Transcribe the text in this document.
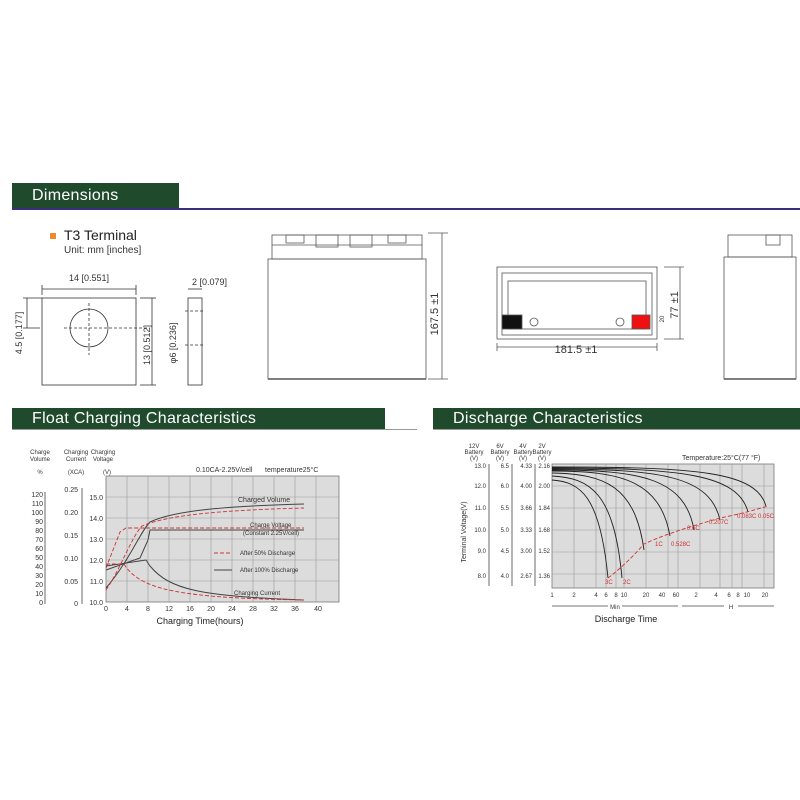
Dimensions
T3 Terminal
Unit: mm [inches]
14 [0.551]
4.5 [0.177]	13 [0.512]
2 [0.079]
φ6 [0.236]
167.5 ±1
181.5 ±1
77 ±1
20
Float Charging Characteristics
Charge
Volume
%
Charging
Current
(XCA)
Charging
Voltage
(V)
120
110
100
90
80
70
60
50
40
30
20
10
0
0.25
0.20
0.15
0.10
0.05
0
15.0
14.0
13.0
12.0
11.0
10.0
0.10CA-2.25V/cell temperature25°C
Charged Volume
Charge Voltage
(Constant 2.25V/cell)
After 50% Discharge
After 100% Discharge
Charging Current
0 4 8 12 16 20 24 28 32 36 40
Charging Time(hours)
Discharge Characteristics
12V
Battery
(V)
6V
Battery
(V)
4V
Battery
(V)
2V
Battery
(V)
13.0
12.0
11.0
10.0
9.0
8.0
6.5
6.0
5.5
5.0
4.5
4.0
4.33
4.00
3.66
3.33
3.00
2.67
2.16
2.00
1.84
1.68
1.52
1.36
Terminal Voltage(V)
3C 2C
1C 0.528C
0.6C
0.207C
0.083C 0.05C
Temperature:25°C(77 °F)
1	2	4 6 8 10	20 40 60 2	4 6 8 10 20
Min	H
Discharge Time
